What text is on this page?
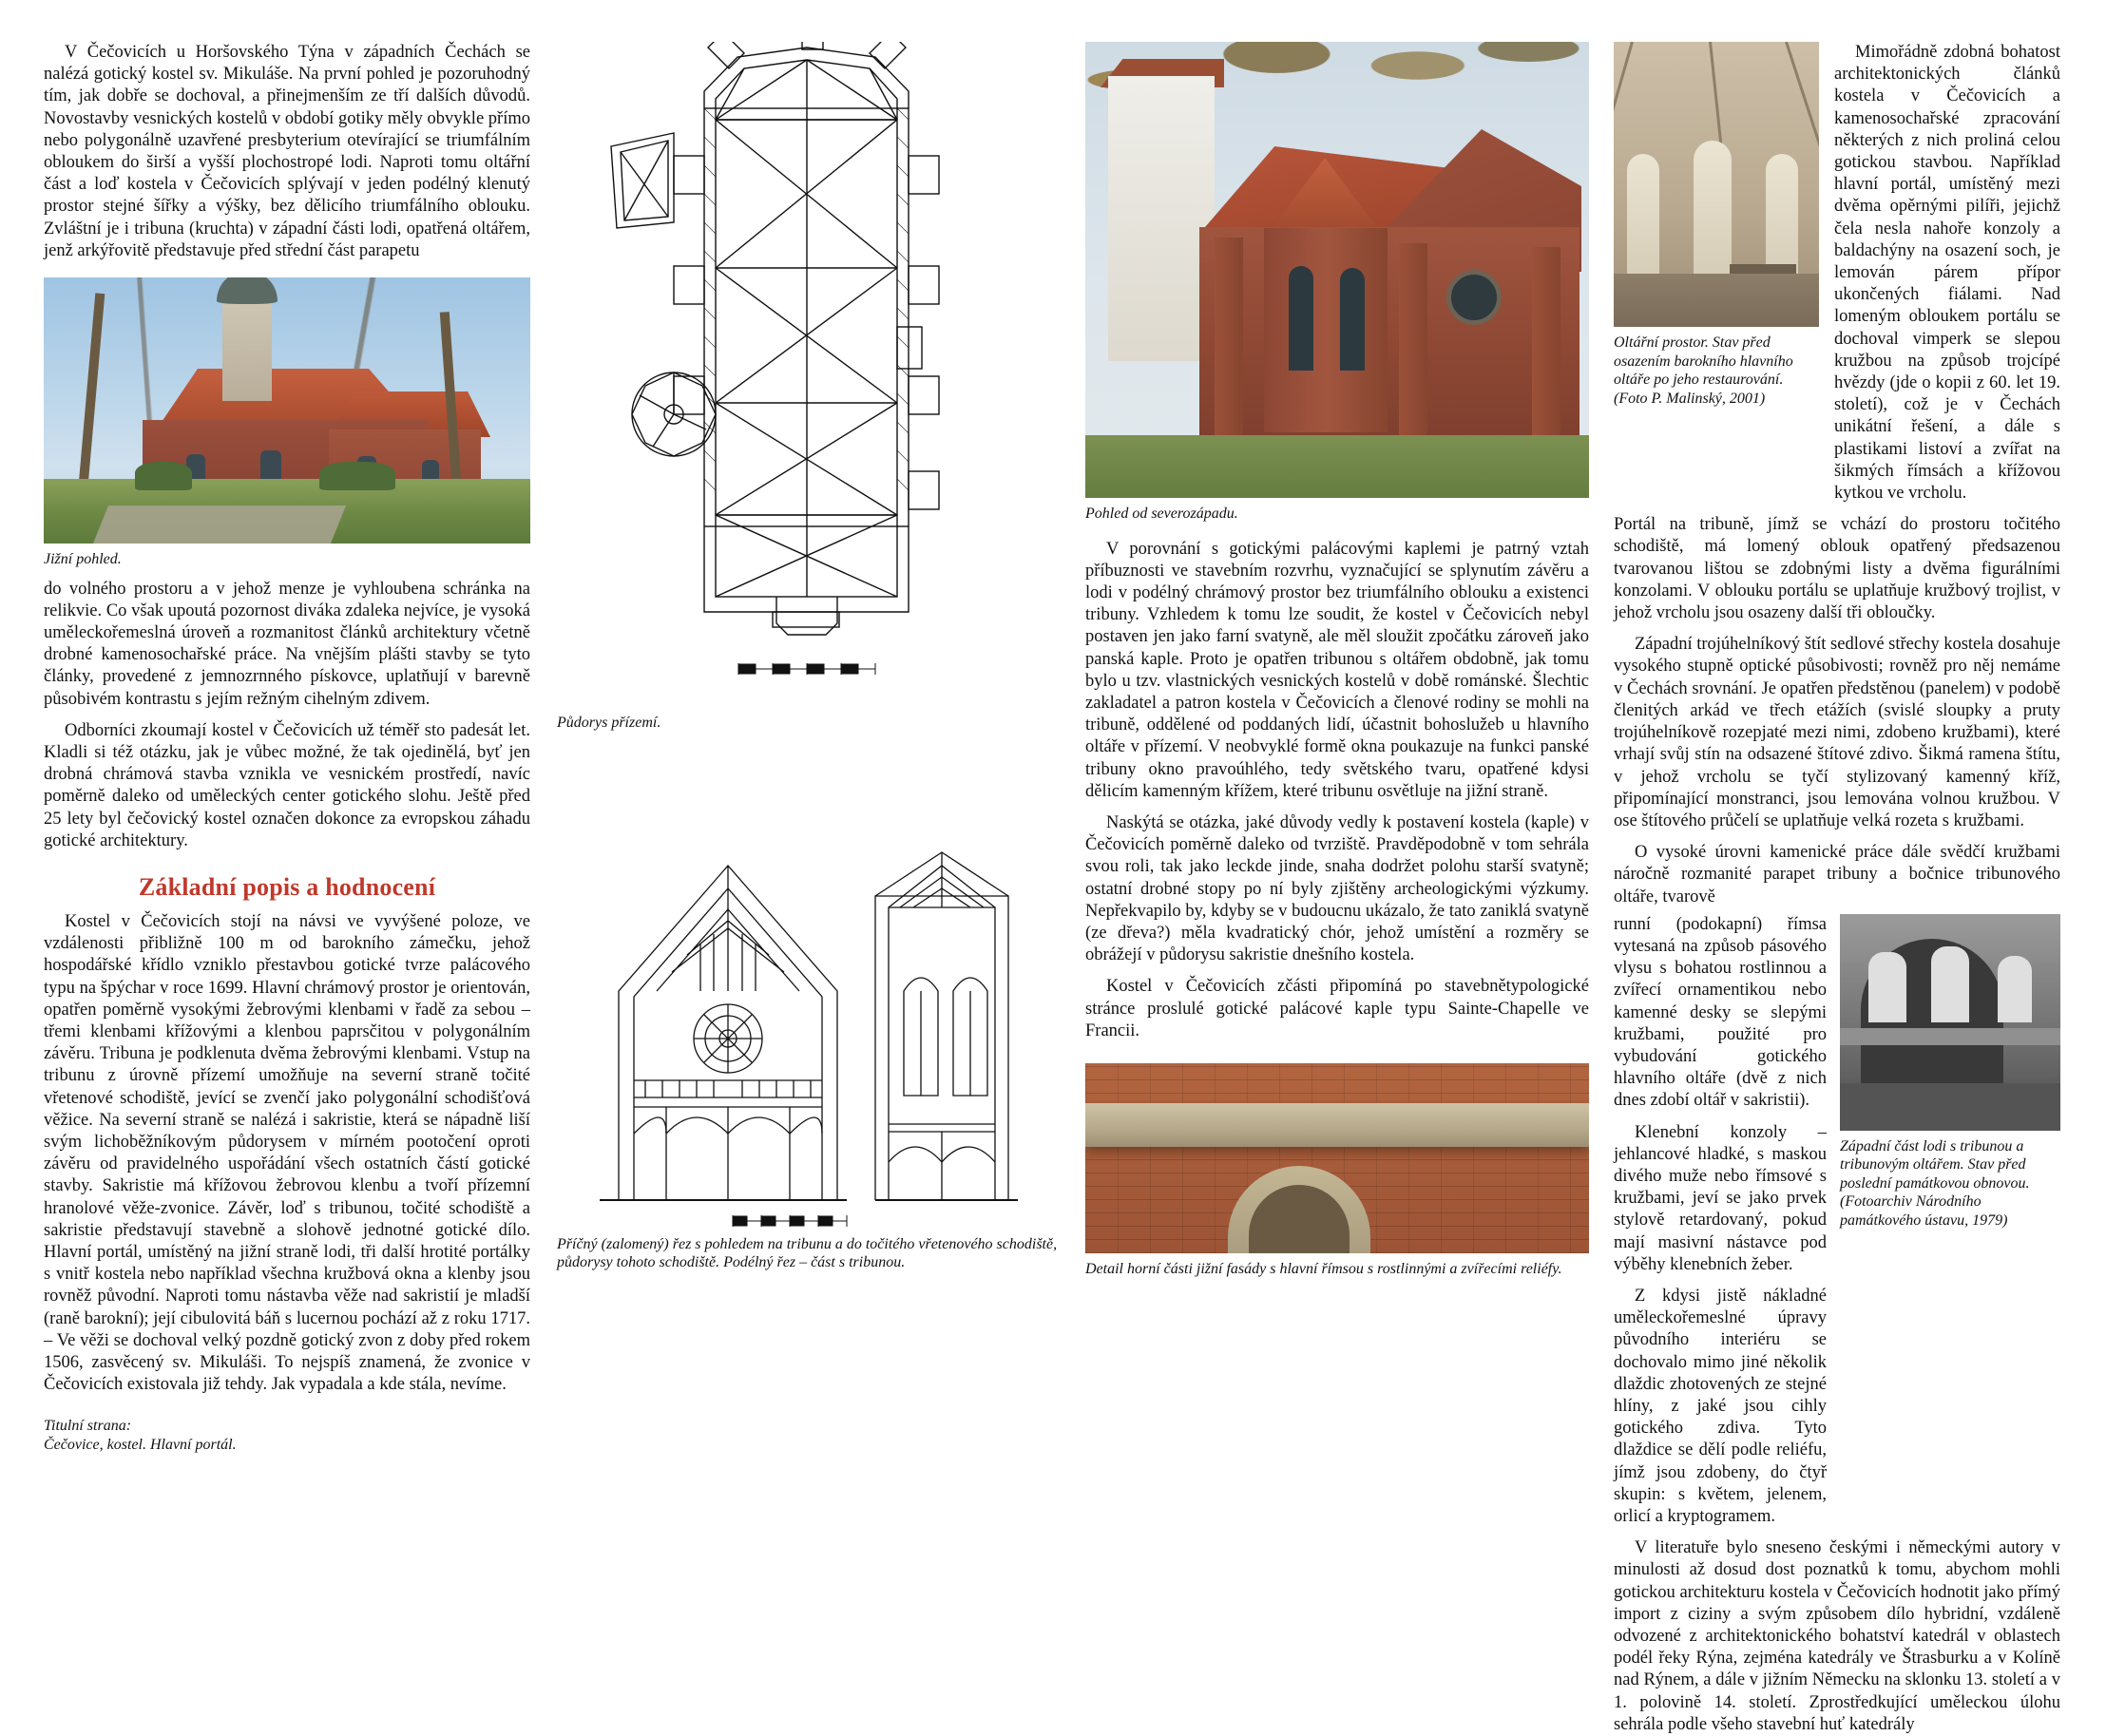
V Čečovicích u Horšovského Týna v západních Čechách se nalézá gotický kostel sv. Mikuláše. Na první pohled je pozoruhodný tím, jak dobře se dochoval, a přinejmenším ze tří dalších důvodů. Novostavby vesnických kostelů v období gotiky měly obvykle přímo nebo polygonálně uzavřené presbyterium otevírající se triumfálním obloukem do širší a vyšší plochostropé lodi. Naproti tomu oltářní část a loď kostela v Čečovicích splývají v jeden podélný klenutý prostor stejné šířky a výšky, bez dělicího triumfálního oblouku. Zvláštní je i tribuna (kruchta) v západní části lodi, opatřená oltářem, jenž arkýřovitě představuje před střední část parapetu

Jižní pohled.

do volného prostoru a v jehož menze je vyhloubena schránka na relikvie. Co však upoutá pozornost diváka zdaleka nejvíce, je vysoká uměleckořemeslná úroveň a rozmanitost článků architektury včetně drobné kamenosochařské práce. Na vnějším plášti stavby se tyto články, provedené z jemnozrnného pískovce, uplatňují v barevně působivém kontrastu s jejím režným cihelným zdivem.

Odborníci zkoumají kostel v Čečovicích už téměř sto padesát let. Kladli si též otázku, jak je vůbec možné, že tak ojedinělá, byť jen drobná chrámová stavba vznikla ve vesnickém prostředí, navíc poměrně daleko od uměleckých center gotického slohu. Ještě před 25 lety byl čečovický kostel označen dokonce za evropskou záhadu gotické architektury.

Základní popis a hodnocení

Kostel v Čečovicích stojí na návsi ve vyvýšené poloze, ve vzdálenosti přibližně 100 m od barokního zámečku, jehož hospodářské křídlo vzniklo přestavbou gotické tvrze palácového typu na špýchar v roce 1699. Hlavní chrámový prostor je orientován, opatřen poměrně vysokými žebrovými klenbami v řadě za sebou – třemi klenbami křížovými a klenbou paprsčitou v polygonálním závěru. Tribuna je podklenuta dvěma žebrovými klenbami. Vstup na tribunu z úrovně přízemí umožňuje na severní straně točité vřetenové schodiště, jevící se zvenčí jako polygonální schodišťová věžice. Na severní straně se nalézá i sakristie, která se nápadně liší svým lichoběžníkovým půdorysem v mírném pootočení oproti závěru od pravidelného uspořádání všech ostatních částí gotické stavby. Sakristie má křížovou žebrovou klenbu a tvoří přízemní hranolové věže-zvonice. Závěr, loď s tribunou, točité schodiště a sakristie představují stavebně a slohově jednotné gotické dílo. Hlavní portál, umístěný na jižní straně lodi, tři další hrotité portálky s vnitř kostela nebo například všechna kružbová okna a klenby jsou rovněž původní. Naproti tomu nástavba věže nad sakristií je mladší (raně barokní); její cibulovitá báň s lucernou pochází až z roku 1717. – Ve věži se dochoval velký pozdně gotický zvon z doby před rokem 1506, zasvěcený sv. Mikuláši. To nejspíš znamená, že zvonice v Čečovicích existovala již tehdy. Jak vypadala a kde stála, nevíme.

Titulní strana:

Čečovice, kostel. Hlavní portál.

Půdorys přízemí.
Příčný (zalomený) řez s pohledem na tribunu a do točitého vřetenového schodiště, půdorysy tohoto schodiště. Podélný řez – část s tribunou.
Pohled od severozápadu.

V porovnání s gotickými palácovými kaplemi je patrný vztah příbuznosti ve stavebním rozvrhu, vyznačující se splynutím závěru a lodi v podélný chrámový prostor bez triumfálního oblouku a existenci tribuny. Vzhledem k tomu lze soudit, že kostel v Čečovicích nebyl postaven jen jako farní svatyně, ale měl sloužit zpočátku zároveň jako panská kaple. Proto je opatřen tribunou s oltářem obdobně, jak tomu bylo u tzv. vlastnických vesnických kostelů v době románské. Šlechtic zakladatel a patron kostela v Čečovicích a členové rodiny se mohli na tribuně, oddělené od poddaných lidí, účastnit bohoslužeb u hlavního oltáře v přízemí. V neobvyklé formě okna poukazuje na funkci panské tribuny okno pravoúhlého, tedy světského tvaru, opatřené kdysi dělicím kamenným křížem, které tribunu osvětluje na jižní straně.

Naskýtá se otázka, jaké důvody vedly k postavení kostela (kaple) v Čečovicích poměrně daleko od tvrziště. Pravděpodobně v tom sehrála svou roli, tak jako leckde jinde, snaha dodržet polohu starší svatyně; ostatní drobné stopy po ní byly zjištěny archeologickými výzkumy. Nepřekvapilo by, kdyby se v budoucnu ukázalo, že tato zaniklá svatyně (ze dřeva?) měla kvadratický chór, jehož umístění a rozměry se obrážejí v půdorysu sakristie dnešního kostela.

Kostel v Čečovicích zčásti připomíná po stavebnětypologické stránce proslulé gotické palácové kaple typu Sainte-Chapelle ve Francii.

Detail horní části jižní fasády s hlavní římsou s rostlinnými a zvířecími reliéfy.
Oltářní prostor. Stav před osazením barokního hlavního oltáře po jeho restaurování. (Foto P. Malinský, 2001)

Mimořádně zdobná bohatost architektonických článků kostela v Čečovicích a kamenosochařské zpracování některých z nich proliná celou gotickou stavbou. Například hlavní portál, umístěný mezi dvěma opěrnými pilíři, jejichž čela nesla nahoře konzoly a baldachýny na osazení soch, je lemován párem přípor ukončených fiálami. Nad lomeným obloukem portálu se dochoval vimperk se slepou kružbou na způsob trojcípé hvězdy (jde o kopii z 60. let 19. století), což je v Čechách unikátní řešení, a dále s plastikami listoví a zvířat na šikmých římsách a křížovou kytkou ve vrcholu.

Portál na tribuně, jímž se vchází do prostoru točitého schodiště, má lomený oblouk opatřený předsazenou tvarovanou lištou se zdobnými listy a dvěma figurálními konzolami. V oblouku portálu se uplatňuje kružbový trojlist, v jehož vrcholu jsou osazeny další tři obloučky.

Západní trojúhelníkový štít sedlové střechy kostela dosahuje vysokého stupně optické působivosti; rovněž pro něj nemáme v Čechách srovnání. Je opatřen předstěnou (panelem) v podobě členitých arkád ve třech etážích (svislé sloupky a pruty trojúhelníkově rozepjaté mezi nimi, zdobeno kružbami), které vrhají svůj stín na odsazené štítové zdivo. Šikmá ramena štítu, v jehož vrcholu se tyčí stylizovaný kamenný kříž, připomínající monstranci, jsou lemována volnou kružbou. V ose štítového průčelí se uplatňuje velká rozeta s kružbami.

O vysoké úrovni kamenické práce dále svědčí kružbami náročně rozmanité parapet tribuny a bočnice tribunového oltáře, tvarově

runní (podokapní) římsa vytesaná na způsob pásového vlysu s bohatou rostlinnou a zvířecí ornamentikou nebo kamenné desky se slepými kružbami, použité pro vybudování gotického hlavního oltáře (dvě z nich dnes zdobí oltář v sakristii).

Klenební konzoly – jehlancové hladké, s maskou divého muže nebo římsové s kružbami, jeví se jako prvek stylově retardovaný, pokud mají masivní nástavce pod výběhy klenebních žeber.

Z kdysi jistě nákladné uměleckořemeslné úpravy původního interiéru se dochovalo mimo jiné několik dlaždic zhotovených ze stejné hlíny, z jaké jsou cihly gotického zdiva. Tyto dlaždice se dělí podle reliéfu, jímž jsou zdobeny, do čtyř skupin: s květem, jelenem, orlicí a kryptogramem.

Západní část lodi s tribunou a tribunovým oltářem. Stav před poslední památkovou obnovou. (Fotoarchiv Národního památkového ústavu, 1979)

V literatuře bylo sneseno českými i německými autory v minulosti až dosud dost poznatků k tomu, abychom mohli gotickou architekturu kostela v Čečovicích hodnotit jako přímý import z ciziny a svým způsobem dílo hybridní, vzdáleně odvozené z architektonického bohatství katedrál v oblastech podél řeky Rýna, zejména katedrály ve Štrasburku a v Kolíně nad Rýnem, a dále v jižním Německu na sklonku 13. století a v 1. polovině 14. století. Zprostředkující uměleckou úlohu sehrála podle všeho stavební huť katedrály
